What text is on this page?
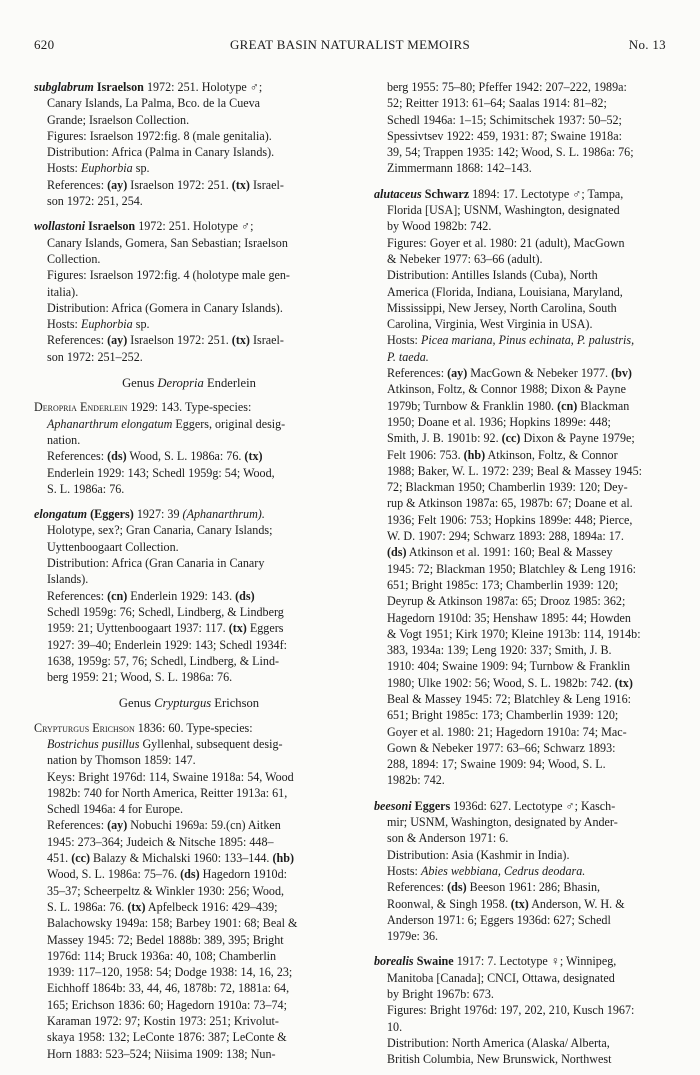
620	GREAT BASIN NATURALIST MEMOIRS	No. 13
subglabrum Israelson 1972: 251. Holotype ♂;
Canary Islands, La Palma, Bco. de la Cueva
Grande; Israelson Collection.
Figures: Israelson 1972:fig. 8 (male genitalia).
Distribution: Africa (Palma in Canary Islands).
Hosts: Euphorbia sp.
References: (ay) Israelson 1972: 251. (tx) Israel-
son 1972: 251, 254.
wollastoni Israelson 1972: 251. Holotype ♂;
Canary Islands, Gomera, San Sebastian; Israelson
Collection.
Figures: Israelson 1972:fig. 4 (holotype male gen-
italia).
Distribution: Africa (Gomera in Canary Islands).
Hosts: Euphorbia sp.
References: (ay) Israelson 1972: 251. (tx) Israel-
son 1972: 251–252.
Genus Deropria Enderlein
Deropria Enderlein 1929: 143. Type-species:
Aphanarthrum elongatum Eggers, original desig-
nation.
References: (ds) Wood, S. L. 1986a: 76. (tx)
Enderlein 1929: 143; Schedl 1959g: 54; Wood,
S. L. 1986a: 76.
elongatum (Eggers) 1927: 39 (Aphanarthrum).
Holotype, sex?; Gran Canaria, Canary Islands;
Uyttenboogaart Collection.
Distribution: Africa (Gran Canaria in Canary
Islands).
References: (cn) Enderlein 1929: 143. (ds)
Schedl 1959g: 76; Schedl, Lindberg, & Lindberg
1959: 21; Uyttenboogaart 1937: 117. (tx) Eggers
1927: 39–40; Enderlein 1929: 143; Schedl 1934f:
1638, 1959g: 57, 76; Schedl, Lindberg, & Lind-
berg 1959: 21; Wood, S. L. 1986a: 76.
Genus Crypturgus Erichson
Crypturgus Erichson 1836: 60. Type-species:
Bostrichus pusillus Gyllenhal, subsequent desig-
nation by Thomson 1859: 147.
Keys: Bright 1976d: 114, Swaine 1918a: 54, Wood
1982b: 740 for North America, Reitter 1913a: 61,
Schedl 1946a: 4 for Europe.
References: (ay) Nobuchi 1969a: 59.(cn) Aitken
1945: 273–364; Judeich & Nitsche 1895: 448–
451. (cc) Balazy & Michalski 1960: 133–144. (hb)
Wood, S. L. 1986a: 75–76. (ds) Hagedorn 1910d:
35–37; Scheerpeltz & Winkler 1930: 256; Wood,
S. L. 1986a: 76. (tx) Apfelbeck 1916: 429–439;
Balachowsky 1949a: 158; Barbey 1901: 68; Beal &
Massey 1945: 72; Bedel 1888b: 389, 395; Bright
1976d: 114; Bruck 1936a: 40, 108; Chamberlin
1939: 117–120, 1958: 54; Dodge 1938: 14, 16, 23;
Eichhoff 1864b: 33, 44, 46, 1878b: 72, 1881a: 64,
165; Erichson 1836: 60; Hagedorn 1910a: 73–74;
Karaman 1972: 97; Kostin 1973: 251; Krivolut-
skaya 1958: 132; LeConte 1876: 387; LeConte &
Horn 1883: 523–524; Niisima 1909: 138; Nun-
berg 1955: 75–80; Pfeffer 1942: 207–222, 1989a:
52; Reitter 1913: 61–64; Saalas 1914: 81–82;
Schedl 1946a: 1–15; Schimitschek 1937: 50–52;
Spessivtsev 1922: 459, 1931: 87; Swaine 1918a:
39, 54; Trappen 1935: 142; Wood, S. L. 1986a: 76;
Zimmermann 1868: 142–143.
alutaceus Schwarz 1894: 17. Lectotype ♂; Tampa,
Florida [USA]; USNM, Washington, designated
by Wood 1982b: 742.
Figures: Goyer et al. 1980: 21 (adult), MacGown
& Nebeker 1977: 63–66 (adult).
Distribution: Antilles Islands (Cuba), North
America (Florida, Indiana, Louisiana, Maryland,
Mississippi, New Jersey, North Carolina, South
Carolina, Virginia, West Virginia in USA).
Hosts: Picea mariana, Pinus echinata, P. palustris,
P. taeda.
References: (ay) MacGown & Nebeker 1977. (bv)
Atkinson, Foltz, & Connor 1988; Dixon & Payne
1979b; Turnbow & Franklin 1980. (cn) Blackman
1950; Doane et al. 1936; Hopkins 1899e: 448;
Smith, J. B. 1901b: 92. (cc) Dixon & Payne 1979e;
Felt 1906: 753. (hb) Atkinson, Foltz, & Connor
1988; Baker, W. L. 1972: 239; Beal & Massey 1945:
72; Blackman 1950; Chamberlin 1939: 120; Dey-
rup & Atkinson 1987a: 65, 1987b: 67; Doane et al.
1936; Felt 1906: 753; Hopkins 1899e: 448; Pierce,
W. D. 1907: 294; Schwarz 1893: 288, 1894a: 17.
(ds) Atkinson et al. 1991: 160; Beal & Massey
1945: 72; Blackman 1950; Blatchley & Leng 1916:
651; Bright 1985c: 173; Chamberlin 1939: 120;
Deyrup & Atkinson 1987a: 65; Drooz 1985: 362;
Hagedorn 1910d: 35; Henshaw 1895: 44; Howden
& Vogt 1951; Kirk 1970; Kleine 1913b: 114, 1914b:
383, 1934a: 139; Leng 1920: 337; Smith, J. B.
1910: 404; Swaine 1909: 94; Turnbow & Franklin
1980; Ulke 1902: 56; Wood, S. L. 1982b: 742. (tx)
Beal & Massey 1945: 72; Blatchley & Leng 1916:
651; Bright 1985c: 173; Chamberlin 1939: 120;
Goyer et al. 1980: 21; Hagedorn 1910a: 74; Mac-
Gown & Nebeker 1977: 63–66; Schwarz 1893:
288, 1894: 17; Swaine 1909: 94; Wood, S. L.
1982b: 742.
beesoni Eggers 1936d: 627. Lectotype ♂; Kasch-
mir; USNM, Washington, designated by Ander-
son & Anderson 1971: 6.
Distribution: Asia (Kashmir in India).
Hosts: Abies webbiana, Cedrus deodara.
References: (ds) Beeson 1961: 286; Bhasin,
Roonwal, & Singh 1958. (tx) Anderson, W. H. &
Anderson 1971: 6; Eggers 1936d: 627; Schedl
1979e: 36.
borealis Swaine 1917: 7. Lectotype ♀; Winnipeg,
Manitoba [Canada]; CNCI, Ottawa, designated
by Bright 1967b: 673.
Figures: Bright 1976d: 197, 202, 210, Kusch 1967:
10.
Distribution: North America (Alaska/ Alberta,
British Columbia, New Brunswick, Northwest
